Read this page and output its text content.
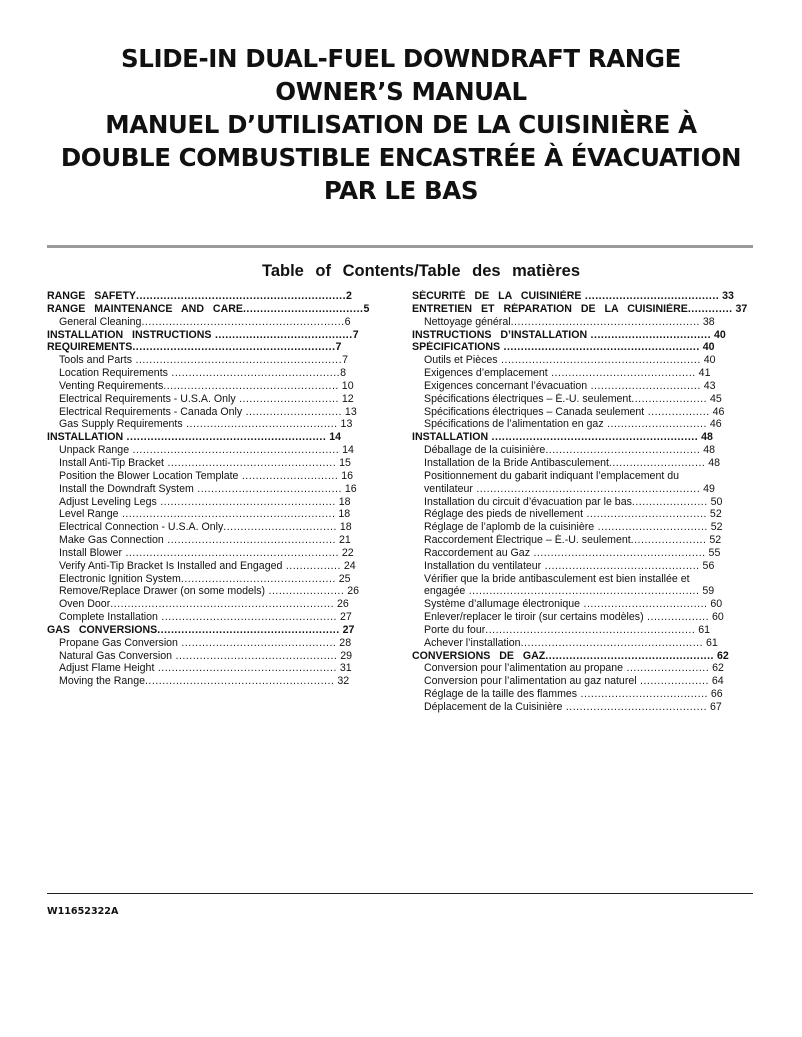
SLIDE-IN DUAL-FUEL DOWNDRAFT RANGE
OWNER’S MANUAL
MANUEL D’UTILISATION DE LA CUISINIÈRE À
DOUBLE COMBUSTIBLE ENCASTRÉE À ÉVACUATION
PAR LE BAS
Table of Contents/Table des matières
RANGE SAFETY.............................................................2
RANGE MAINTENANCE AND CARE...................................5
General Cleaning...........................................................6
INSTALLATION INSTRUCTIONS ........................................7
REQUIREMENTS...........................................................7
Tools and Parts ............................................................7
Location Requirements .................................................8
Venting Requirements................................................... 10
Electrical Requirements - U.S.A. Only ............................. 12
Electrical Requirements - Canada Only ............................ 13
Gas Supply Requirements ............................................ 13
INSTALLATION .......................................................... 14
Unpack Range ............................................................ 14
Install Anti-Tip Bracket ................................................. 15
Position the Blower Location Template ............................ 16
Install the Downdraft System .......................................... 16
Adjust Leveling Legs ................................................... 18
Level Range .............................................................. 18
Electrical Connection - U.S.A. Only................................. 18
Make Gas Connection ................................................. 21
Install Blower .............................................................. 22
Verify Anti-Tip Bracket Is Installed and Engaged ................ 24
Electronic Ignition System............................................. 25
Remove/Replace Drawer (on some models) ...................... 26
Oven Door................................................................. 26
Complete Installation ................................................... 27
GAS CONVERSIONS..................................................... 27
Propane Gas Conversion ............................................. 28
Natural Gas Conversion ............................................... 29
Adjust Flame Height .................................................... 31
Moving the Range....................................................... 32
SÉCURITÉ DE LA CUISINIÈRE ....................................... 33
ENTRETIEN ET RÉPARATION DE LA CUISINIÈRE............. 37
Nettoyage général....................................................... 38
INSTRUCTIONS D’INSTALLATION ................................... 40
SPÉCIFICATIONS ......................................................... 40
Outils et Pièces .......................................................... 40
Exigences d’emplacement .......................................... 41
Exigences concernant l’évacuation ................................ 43
Spécifications électriques – É.-U. seulement...................... 45
Spécifications électriques – Canada seulement .................. 46
Spécifications de l’alimentation en gaz ............................. 46
INSTALLATION ............................................................ 48
Déballage de la cuisinière............................................. 48
Installation de la Bride Antibasculement............................ 48
Positionnement du gabarit indiquant l’emplacement du
ventilateur ................................................................. 49
Installation du circuit d’évacuation par le bas...................... 50
Réglage des pieds de nivellement ................................... 52
Réglage de l’aplomb de la cuisinière ................................ 52
Raccordement Électrique – É.-U. seulement...................... 52
Raccordement au Gaz .................................................. 55
Installation du ventilateur ............................................. 56
Vérifier que la bride antibasculement est bien installée et
engagée ................................................................... 59
Système d’allumage électronique .................................... 60
Enlever/replacer le tiroir (sur certains modèles) .................. 60
Porte du four............................................................. 61
Achever l’installation..................................................... 61
CONVERSIONS DE GAZ................................................. 62
Conversion pour l’alimentation au propane ........................ 62
Conversion pour l’alimentation au gaz naturel .................... 64
Réglage de la taille des flammes ..................................... 66
Déplacement de la Cuisinière ......................................... 67
W11652322A
